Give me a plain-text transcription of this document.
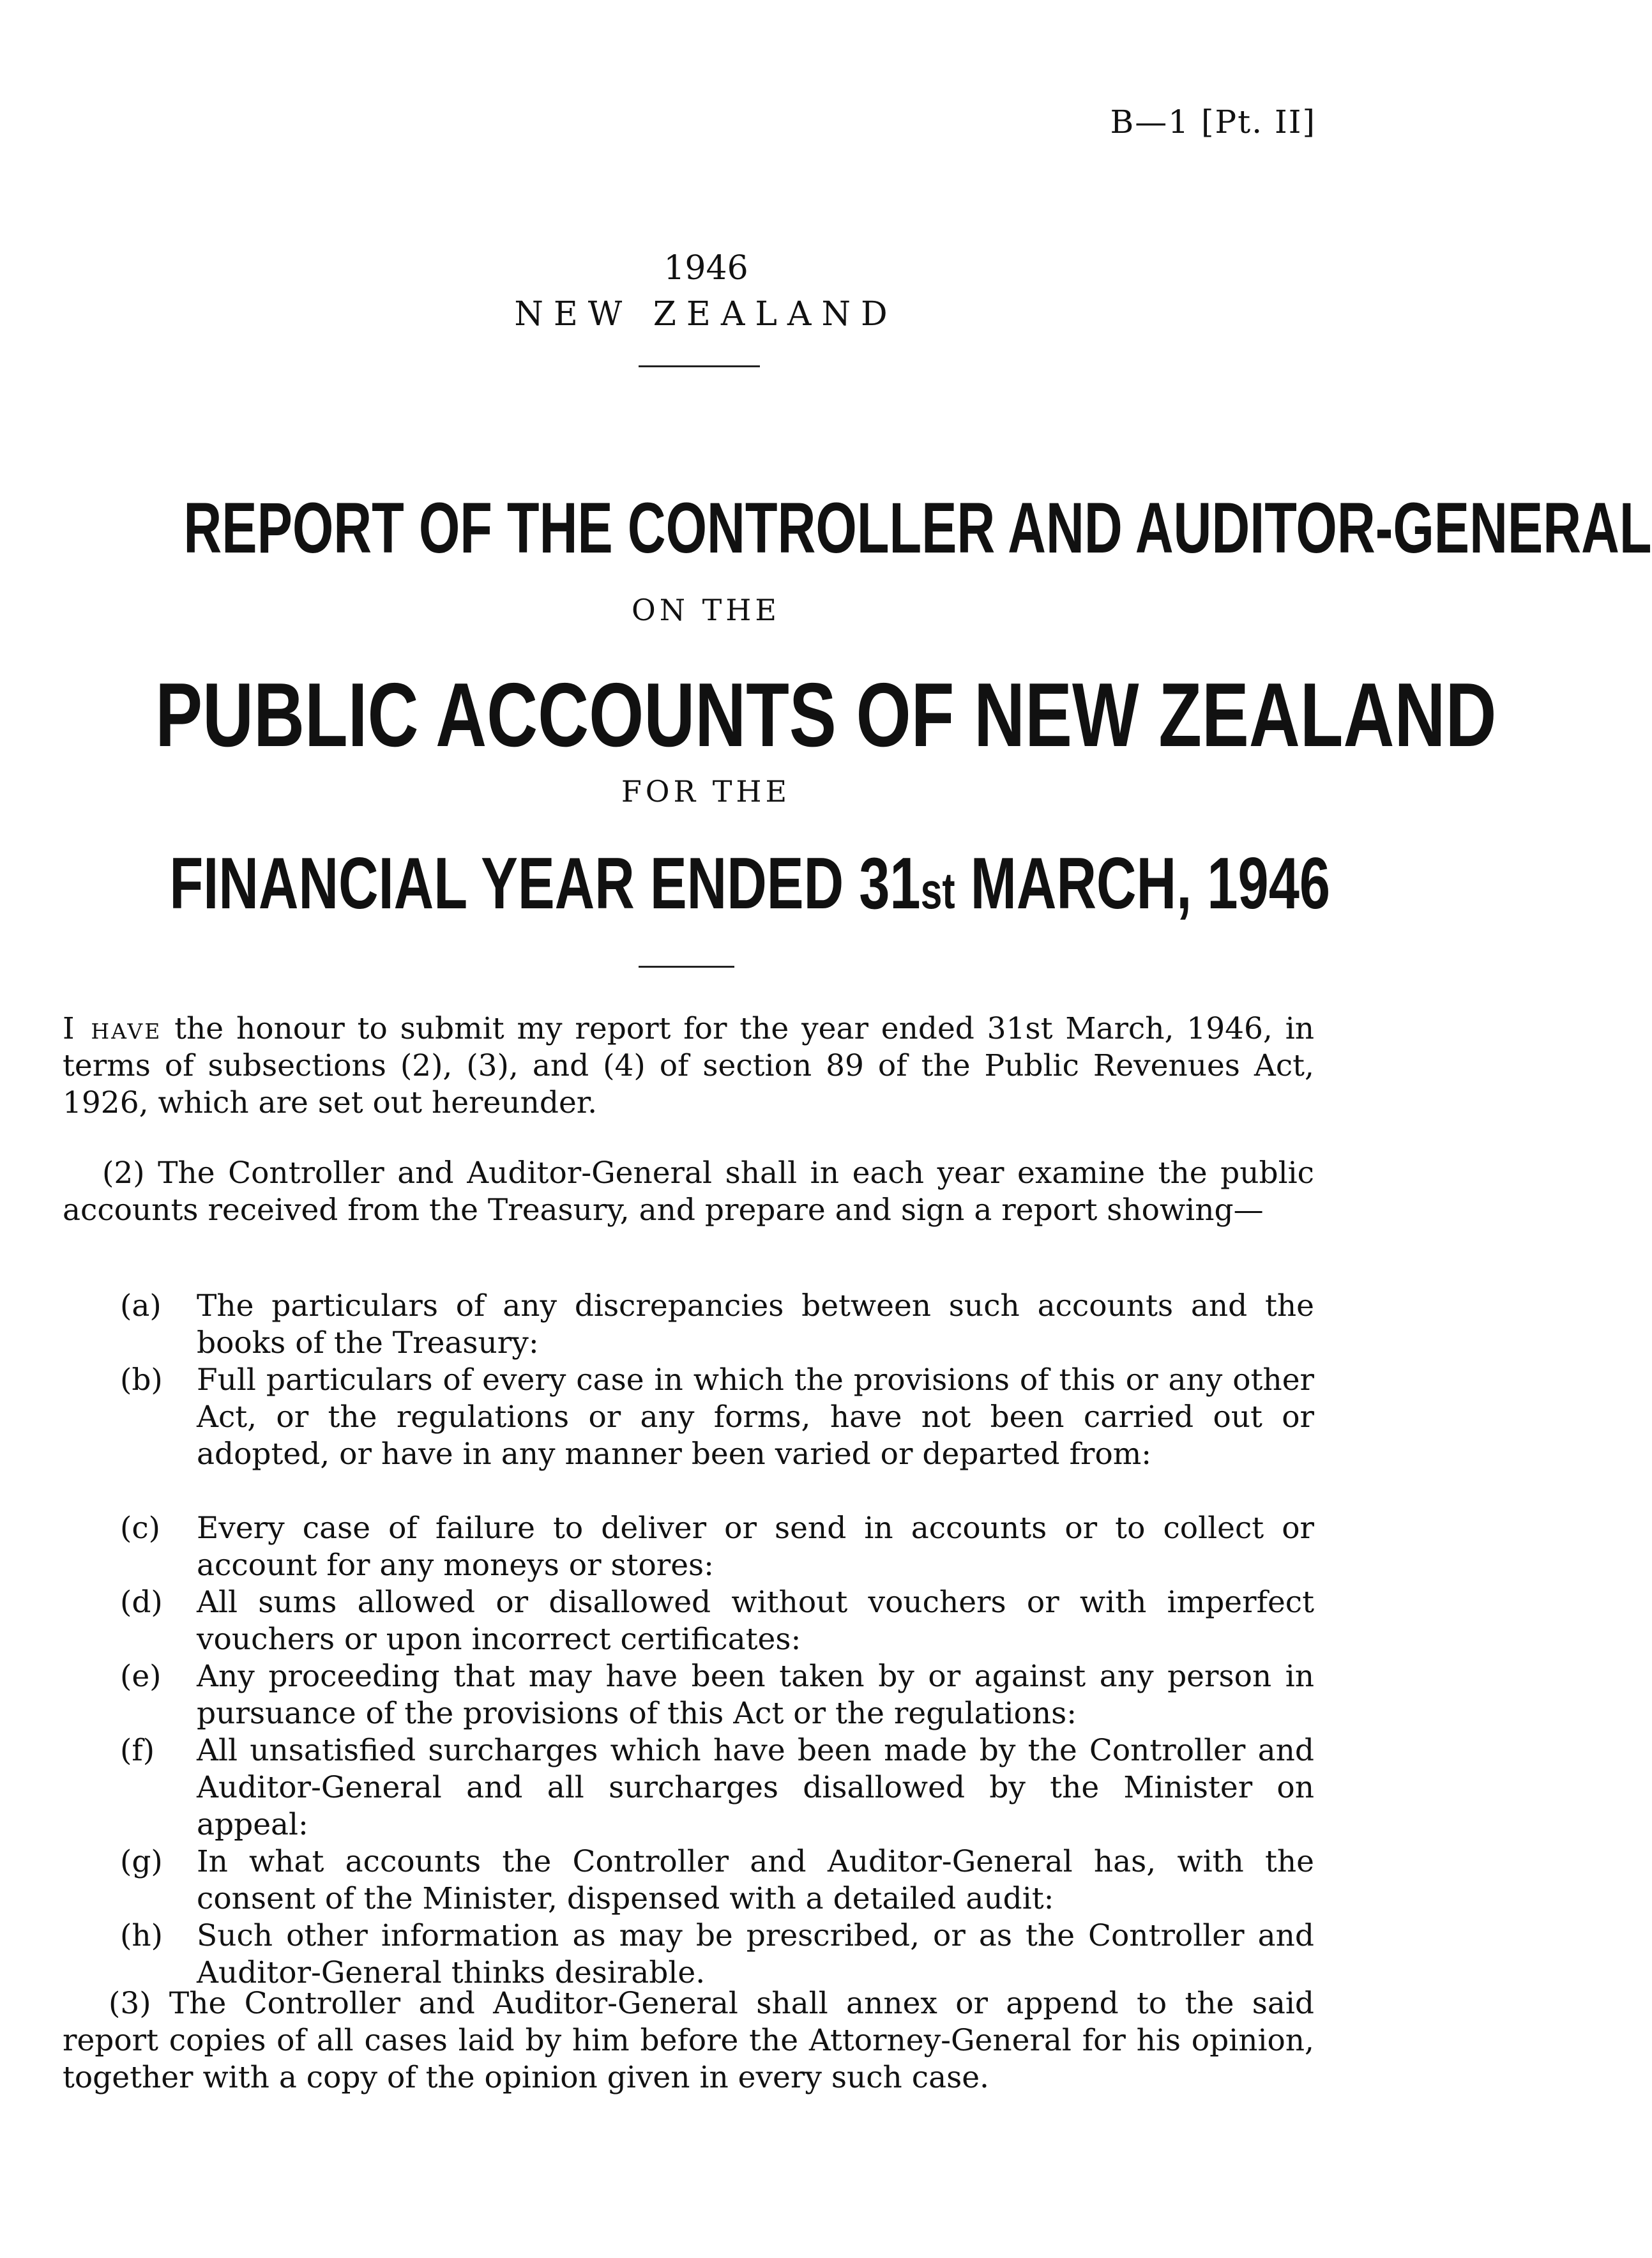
B—1 [Pt. II]
1946
NEW ZEALAND
REPORT OF THE CONTROLLER AND AUDITOR-GENERAL
ON THE
PUBLIC ACCOUNTS OF NEW ZEALAND
FOR THE
FINANCIAL YEAR ENDED 31st MARCH, 1946
I have the honour to submit my report for the year ended 31st March, 1946, in terms of subsections (2), (3), and (4) of section 89 of the Public Revenues Act, 1926, which are set out hereunder.
(2) The Controller and Auditor-General shall in each year examine the public accounts received from the Treasury, and prepare and sign a report showing—
(a)	The particulars of any discrepancies between such accounts and the books of the Treasury:
(b)	Full particulars of every case in which the provisions of this or any other Act, or the regulations or any forms, have not been carried out or adopted, or have in any manner been varied or departed from:
(c)	Every case of failure to deliver or send in accounts or to collect or account for any moneys or stores:
(d)	All sums allowed or disallowed without vouchers or with imperfect vouchers or upon incorrect certificates:
(e)	Any proceeding that may have been taken by or against any person in pursuance of the provisions of this Act or the regulations:
(f)	All unsatisfied surcharges which have been made by the Controller and Auditor-General and all surcharges disallowed by the Minister on appeal:
(g)	In what accounts the Controller and Auditor-General has, with the consent of the Minister, dispensed with a detailed audit:
(h)	Such other information as may be prescribed, or as the Controller and Auditor-General thinks desirable.
(3) The Controller and Auditor-General shall annex or append to the said report copies of all cases laid by him before the Attorney-General for his opinion, together with a copy of the opinion given in every such case.
